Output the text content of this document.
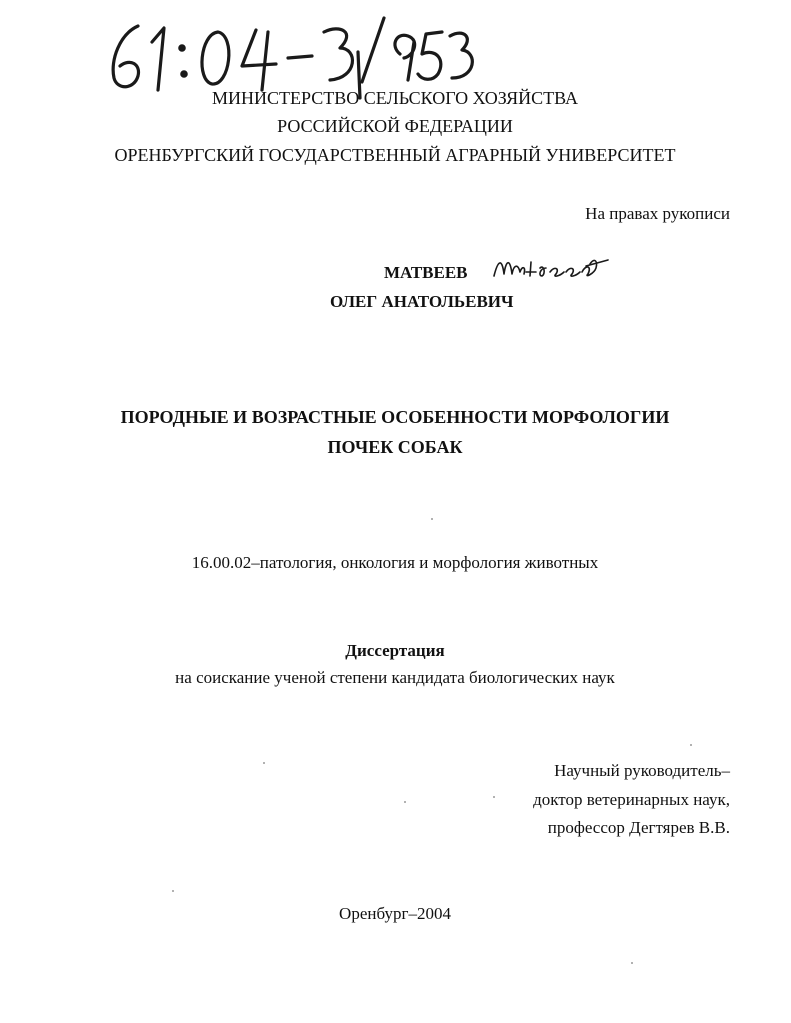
МИНИСТЕРСТВО СЕЛЬСКОГО ХОЗЯЙСТВА
РОССИЙСКОЙ ФЕДЕРАЦИИ
ОРЕНБУРГСКИЙ ГОСУДАРСТВЕННЫЙ АГРАРНЫЙ УНИВЕРСИТЕТ
На правах рукописи
МАТВЕЕВ
ОЛЕГ АНАТОЛЬЕВИЧ
ПОРОДНЫЕ И ВОЗРАСТНЫЕ ОСОБЕННОСТИ МОРФОЛОГИИ
ПОЧЕК СОБАК
16.00.02–патология, онкология и морфология животных
Диссертация
на соискание ученой степени кандидата биологических наук
Научный руководитель–
доктор ветеринарных наук,
профессор Дегтярев В.В.
Оренбург–2004
